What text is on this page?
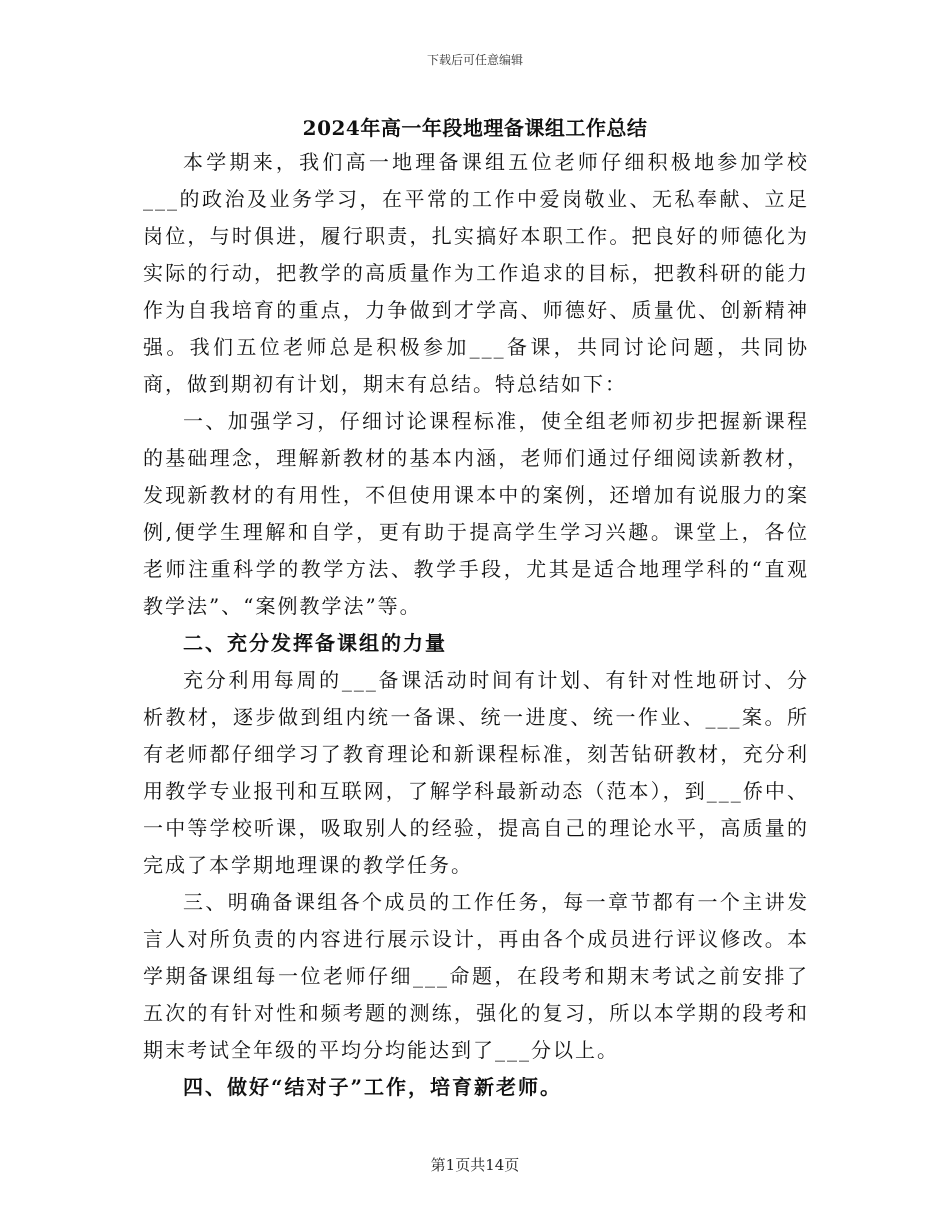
下载后可任意编辑
2024年高一年段地理备课组工作总结

本学期来，我们高一地理备课组五位老师仔细积极地参加学校___的政治及业务学习，在平常的工作中爱岗敬业、无私奉献、立足岗位，与时俱进，履行职责，扎实搞好本职工作。把良好的师德化为实际的行动，把教学的高质量作为工作追求的目标，把教科研的能力作为自我培育的重点，力争做到才学高、师德好、质量优、创新精神强。我们五位老师总是积极参加___备课，共同讨论问题，共同协商，做到期初有计划，期末有总结。特总结如下：

一、加强学习，仔细讨论课程标准，使全组老师初步把握新课程的基础理念，理解新教材的基本内涵，老师们通过仔细阅读新教材，发现新教材的有用性，不但使用课本中的案例，还增加有说服力的案例,便学生理解和自学，更有助于提高学生学习兴趣。课堂上，各位老师注重科学的教学方法、教学手段，尤其是适合地理学科的“直观教学法”、“案例教学法”等。

二、充分发挥备课组的力量

充分利用每周的___备课活动时间有计划、有针对性地研讨、分析教材，逐步做到组内统一备课、统一进度、统一作业、___案。所有老师都仔细学习了教育理论和新课程标准，刻苦钻研教材，充分利用教学专业报刊和互联网，了解学科最新动态（范本），到___侨中、一中等学校听课，吸取别人的经验，提高自己的理论水平，高质量的完成了本学期地理课的教学任务。

三、明确备课组各个成员的工作任务，每一章节都有一个主讲发言人对所负责的内容进行展示设计，再由各个成员进行评议修改。本学期备课组每一位老师仔细___命题，在段考和期末考试之前安排了五次的有针对性和频考题的测练，强化的复习，所以本学期的段考和期末考试全年级的平均分均能达到了___分以上。

四、做好“结对子”工作，培育新老师。

第1页共14页
